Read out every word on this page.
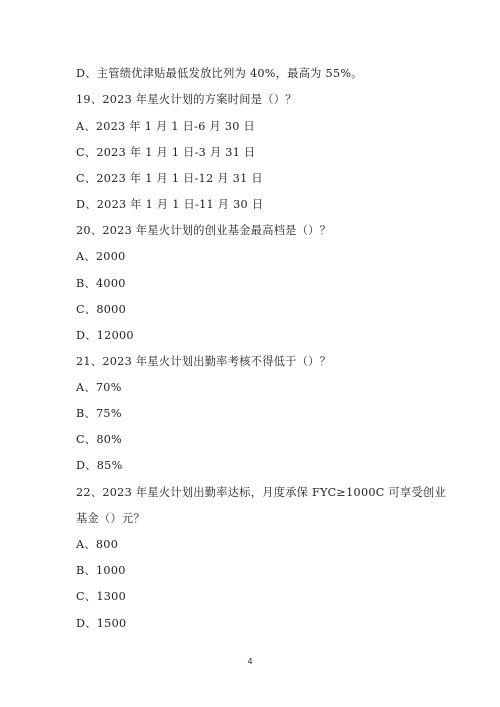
D、主管绩优津贴最低发放比列为 40%，最高为 55%。
19、2023 年星火计划的方案时间是（）？
A、2023 年 1 月 1 日-6 月 30 日
C、2023 年 1 月 1 日-3 月 31 日
C、2023 年 1 月 1 日-12 月 31 日
D、2023 年 1 月 1 日-11 月 30 日
20、2023 年星火计划的创业基金最高档是（）？
A、2000
B、4000
C、8000
D、12000
21、2023 年星火计划出勤率考核不得低于（）？
A、70%
B、75%
C、80%
D、85%
22、2023 年星火计划出勤率达标，月度承保 FYC≥1000C 可享受创业
基金（）元？
A、800
B、1000
C、1300
D、1500
4
